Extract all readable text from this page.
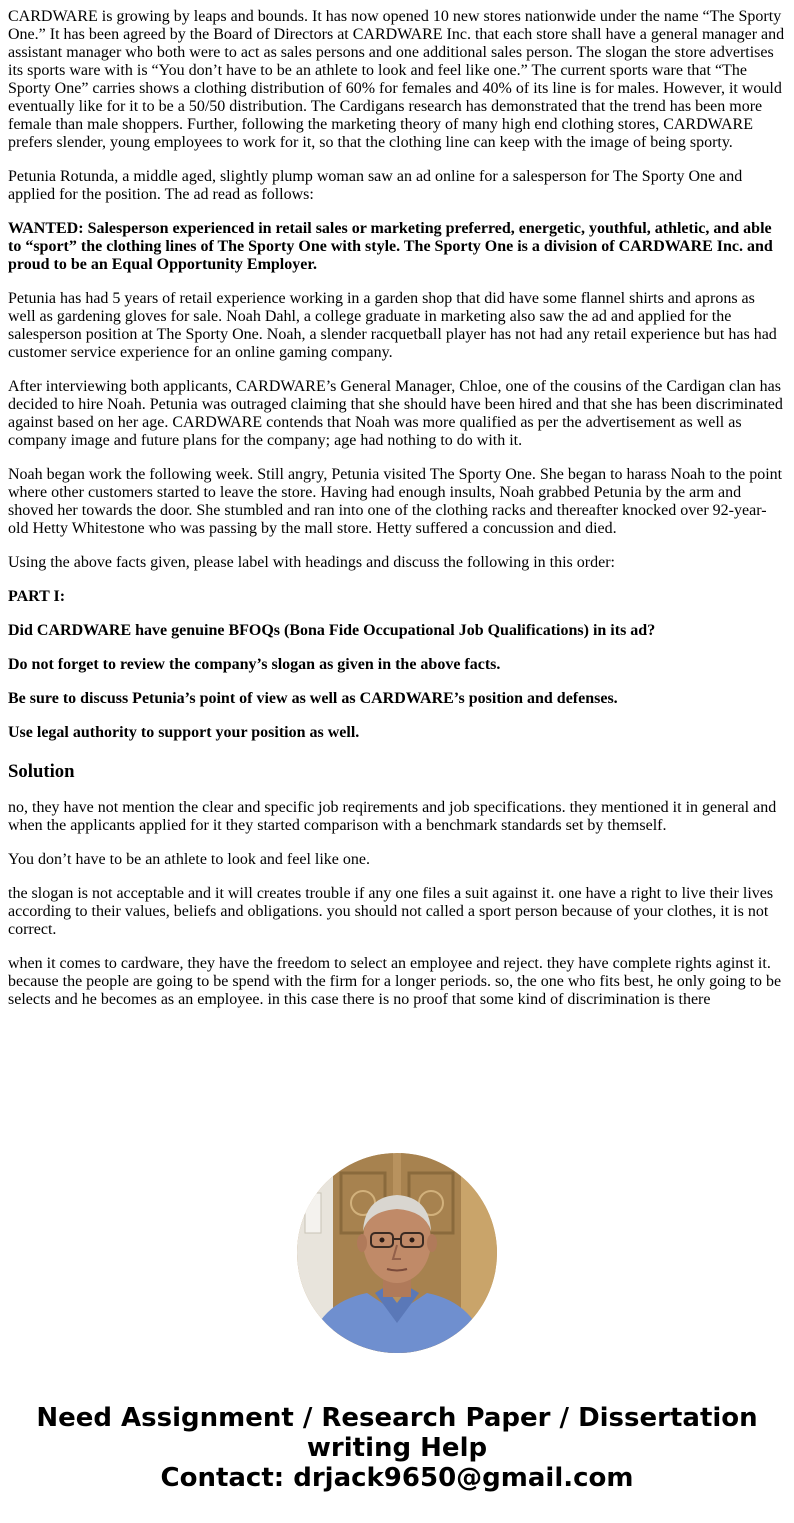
CARDWARE is growing by leaps and bounds. It has now opened 10 new stores nationwide under the name “The Sporty One.” It has been agreed by the Board of Directors at CARDWARE Inc. that each store shall have a general manager and assistant manager who both were to act as sales persons and one additional sales person. The slogan the store advertises its sports ware with is “You don’t have to be an athlete to look and feel like one.” The current sports ware that “The Sporty One” carries shows a clothing distribution of 60% for females and 40% of its line is for males. However, it would eventually like for it to be a 50/50 distribution. The Cardigans research has demonstrated that the trend has been more female than male shoppers. Further, following the marketing theory of many high end clothing stores, CARDWARE prefers slender, young employees to work for it, so that the clothing line can keep with the image of being sporty.

Petunia Rotunda, a middle aged, slightly plump woman saw an ad online for a salesperson for The Sporty One and applied for the position. The ad read as follows:

WANTED: Salesperson experienced in retail sales or marketing preferred, energetic, youthful, athletic, and able to “sport” the clothing lines of The Sporty One with style. The Sporty One is a division of CARDWARE Inc. and proud to be an Equal Opportunity Employer.

Petunia has had 5 years of retail experience working in a garden shop that did have some flannel shirts and aprons as well as gardening gloves for sale. Noah Dahl, a college graduate in marketing also saw the ad and applied for the salesperson position at The Sporty One. Noah, a slender racquetball player has not had any retail experience but has had customer service experience for an online gaming company.

After interviewing both applicants, CARDWARE’s General Manager, Chloe, one of the cousins of the Cardigan clan has decided to hire Noah. Petunia was outraged claiming that she should have been hired and that she has been discriminated against based on her age. CARDWARE contends that Noah was more qualified as per the advertisement as well as company image and future plans for the company; age had nothing to do with it.

Noah began work the following week. Still angry, Petunia visited The Sporty One. She began to harass Noah to the point where other customers started to leave the store. Having had enough insults, Noah grabbed Petunia by the arm and shoved her towards the door. She stumbled and ran into one of the clothing racks and thereafter knocked over 92-year-old Hetty Whitestone who was passing by the mall store. Hetty suffered a concussion and died.

Using the above facts given, please label with headings and discuss the following in this order:

PART I:

Did CARDWARE have genuine BFOQs (Bona Fide Occupational Job Qualifications) in its ad?

Do not forget to review the company’s slogan as given in the above facts.

Be sure to discuss Petunia’s point of view as well as CARDWARE’s position and defenses.

Use legal authority to support your position as well.

Solution

no, they have not mention the clear and specific job reqirements and job specifications. they mentioned it in general and when the applicants applied for it they started comparison with a benchmark standards set by themself.

You don’t have to be an athlete to look and feel like one.

the slogan is not acceptable and it will creates trouble if any one files a suit against it. one have a right to live their lives according to their values, beliefs and obligations. you should not called a sport person because of your clothes, it is not correct.

when it comes to cardware, they have the freedom to select an employee and reject. they have complete rights aginst it. because the people are going to be spend with the firm for a longer periods. so, the one who fits best, he only going to be selects and he becomes as an employee. in this case there is no proof that some kind of discrimination is there

Need Assignment / Research Paper / Dissertation
writing Help
Contact: drjack9650@gmail.com
